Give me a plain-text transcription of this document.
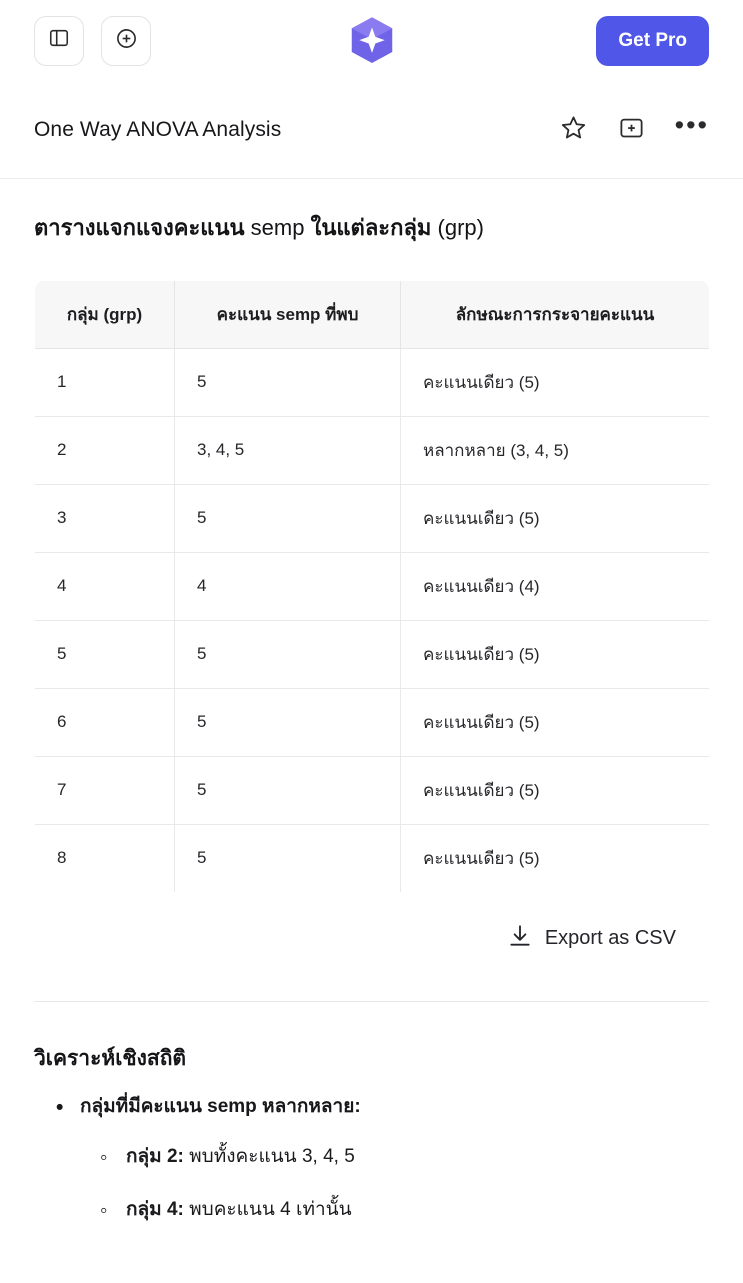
Get Pro
One Way ANOVA Analysis	•••
ตารางแจกแจงคะแนน semp ในแต่ละกลุ่ม (grp)
กลุ่ม (grp)	คะแนน semp ที่พบ	ลักษณะการกระจายคะแนน
1	5	คะแนนเดียว (5)
2	3, 4, 5	หลากหลาย (3, 4, 5)
3	5	คะแนนเดียว (5)
4	4	คะแนนเดียว (4)
5	5	คะแนนเดียว (5)
6	5	คะแนนเดียว (5)
7	5	คะแนนเดียว (5)
8	5	คะแนนเดียว (5)
Export as CSV
วิเคราะห์เชิงสถิติ
• กลุ่มที่มีคะแนน semp หลากหลาย:
◦ กลุ่ม 2: พบทั้งคะแนน 3, 4, 5
◦ กลุ่ม 4: พบคะแนน 4 เท่านั้น
